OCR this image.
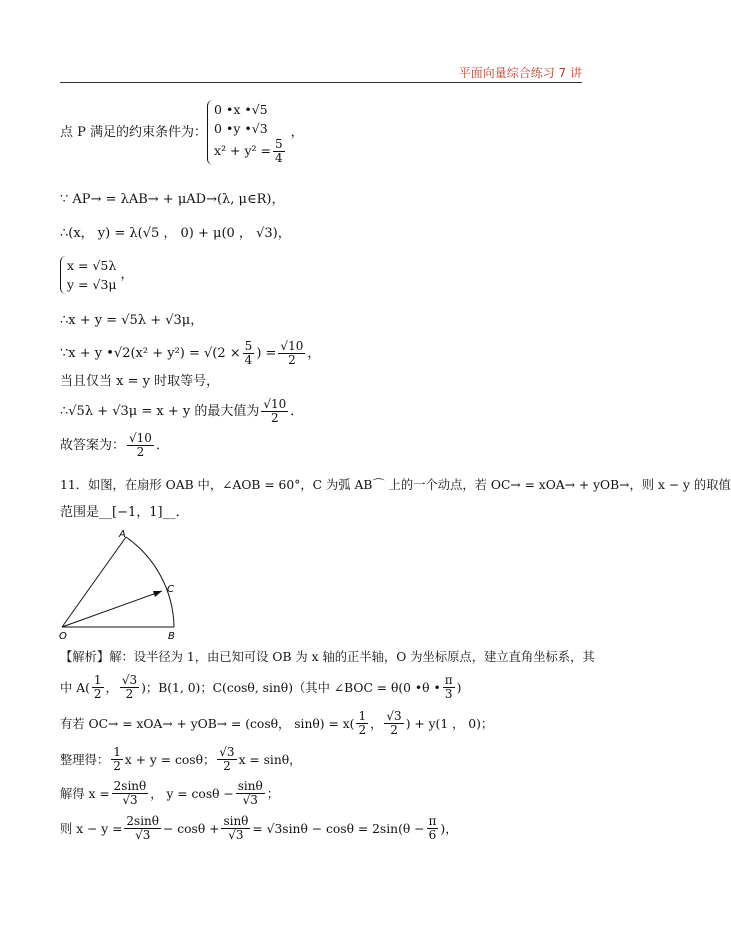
平面向量综合练习 7 讲
点 P 满足的约束条件为：
0 •x •√5
0 •y •√3
$x^2 + y^2 = \frac{5}{4}$
，
∵ AP→ = λAB→ + μAD→(λ, μ∈R)，
∴(x， y) = λ(√5 ， 0) + μ(0 ， √3)，
x = √5λ
y = √3μ
，
∴x + y = √5λ + √3μ，
∵x + y •√2(x² + $y^2) = √(2 \times \frac{5}{4}$ ) = $\frac{√10}{2}$ ，
当且仅当 x = y 时取等号，
∴√5λ + √3μ = x + y 的最大值为 $\frac{√10}{2}$ ．
故答案为： $\frac{√10}{2}$ ．
11．如图，在扇形 OAB 中，∠AOB = 60°，C 为弧 AB⌒ 上的一个动点，若 OC→ = xOA→ + yOB→，则 x − y 的取值
范围是__[−1，1]__．
A
C
O	B
【解析】解：设半径为 1，由已知可设 OB 为 x 轴的正半轴，O 为坐标原点，建立直角坐标系，其
中 $A( \frac{1}{2}$ ， $\frac{√3}{2}$ )；B(1, 0)；C(cosθ, sinθ)（其中 ∠BOC = θ(0 •θ • $\frac{\pi}{3}$ )
有若 OC→ = xOA→ + yOB→ = (cosθ， $\sin\theta) = x( \frac{1}{2}$ ， $\frac{√3}{2}$ ) + y(1 ， 0)；
整理得： $\frac{1}{2}$ x + y = cosθ； $\frac{√3}{2}$ x = sinθ，
解得 $x = \frac{2\sin\theta}{√3}$ ， $y = \cos\theta - \frac{\sin\theta}{√3}$ ；
则 $x - y = \frac{2\sin\theta}{√3} - \cos\theta + \frac{\sin\theta}{√3} = √3\sin\theta - \cos\theta = 2\sin(\theta - \frac{\pi}{6}$ )，
